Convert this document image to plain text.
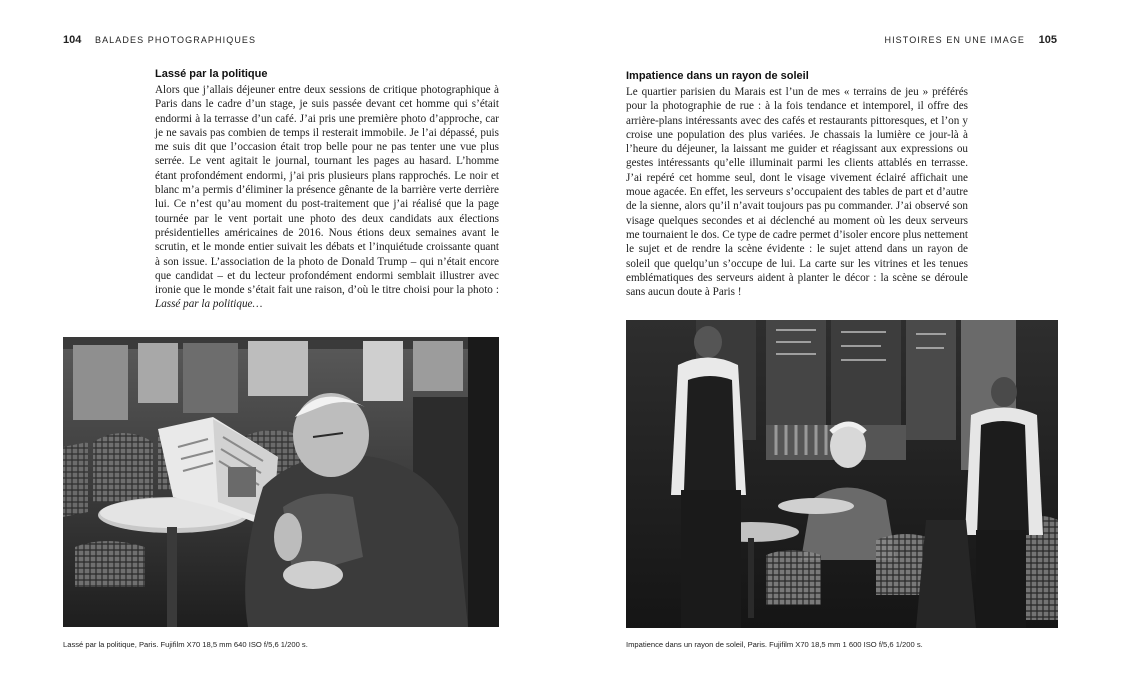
104 BALADES PHOTOGRAPHIQUES	HISTOIRES EN UNE IMAGE 105
Lassé par la politique

Alors que j’allais déjeuner entre deux sessions de critique photographique à Paris dans le cadre d’un stage, je suis passée devant cet homme qui s’était endormi à la terrasse d’un café. J’ai pris une première photo d’approche, car je ne savais pas combien de temps il resterait immobile. Je l’ai dépassé, puis me suis dit que l’occasion était trop belle pour ne pas tenter une vue plus serrée. Le vent agitait le journal, tournant les pages au hasard. L’homme étant profondément endormi, j’ai pris plusieurs plans rapprochés. Le noir et blanc m’a permis d’éliminer la présence gênante de la barrière verte derrière lui. Ce n’est qu’au moment du post-traitement que j’ai réalisé que la page tournée par le vent portait une photo des deux candidats aux élections présidentielles américaines de 2016. Nous étions deux semaines avant le scrutin, et le monde entier suivait les débats et l’inquiétude croissante quant à son issue. L’association de la photo de Donald Trump – qui n’était encore que candidat – et du lecteur profondément endormi semblait illustrer avec ironie que le monde s’était fait une raison, d’où le titre choisi pour la photo : Lassé par la politique…

Impatience dans un rayon de soleil

Le quartier parisien du Marais est l’un de mes « terrains de jeu » préférés pour la photographie de rue : à la fois tendance et intemporel, il offre des arrière-plans intéressants avec des cafés et restaurants pittoresques, et l’on y croise une population des plus variées. Je chassais la lumière ce jour-là à l’heure du déjeuner, la laissant me guider et réagissant aux expressions ou gestes intéressants qu’elle illuminait parmi les clients attablés en terrasse. J’ai repéré cet homme seul, dont le visage vivement éclairé affichait une moue agacée. En effet, les serveurs s’occupaient des tables de part et d’autre de la sienne, alors qu’il n’avait toujours pas pu commander. J’ai observé son visage quelques secondes et ai déclenché au moment où les deux serveurs me tournaient le dos. Ce type de cadre permet d’isoler encore plus nettement le sujet et de rendre la scène évidente : le sujet attend dans un rayon de soleil que quelqu’un s’occupe de lui. La carte sur les vitrines et les tenues emblématiques des serveurs aident à planter le décor : la scène se déroule sans aucun doute à Paris !

Lassé par la politique, Paris. Fujifilm X70 18,5 mm 640 ISO f/5,6 1/200 s.	Impatience dans un rayon de soleil, Paris. Fujifilm X70 18,5 mm 1 600 ISO f/5,6 1/200 s.
